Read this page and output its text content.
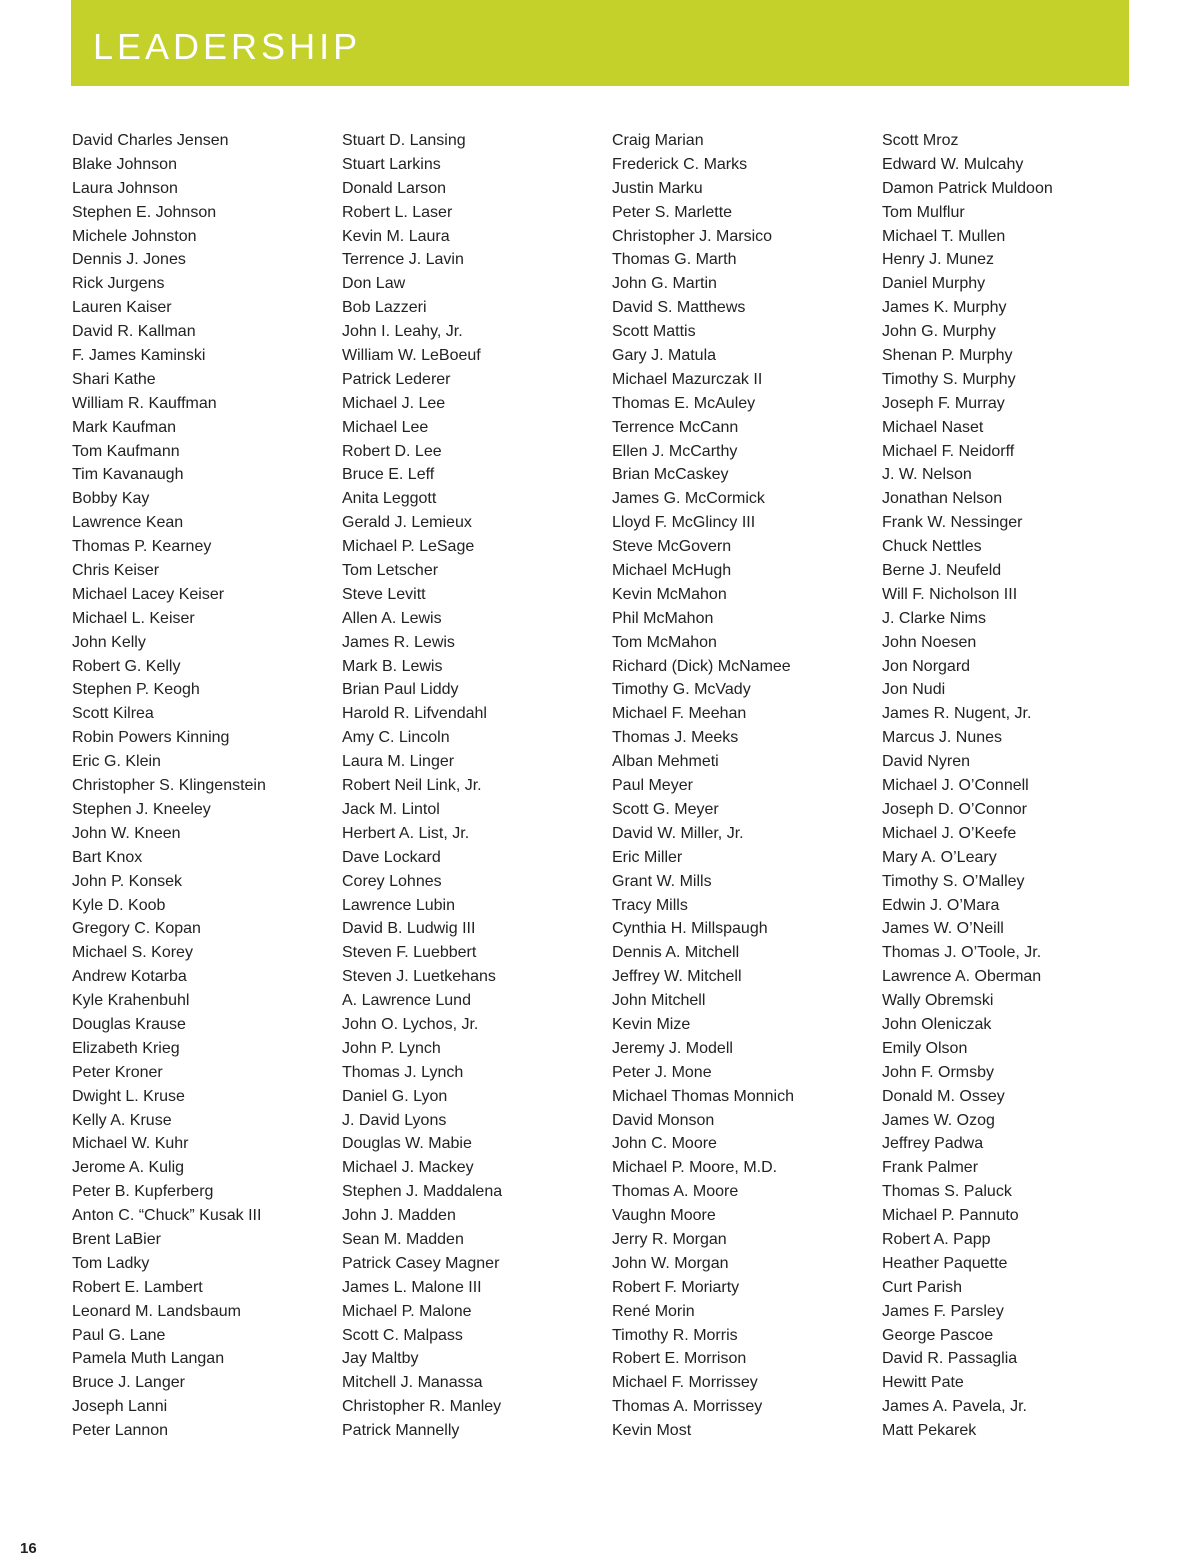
LEADERSHIP
David Charles Jensen
Blake Johnson
Laura Johnson
Stephen E. Johnson
Michele Johnston
Dennis J. Jones
Rick Jurgens
Lauren Kaiser
David R. Kallman
F. James Kaminski
Shari Kathe
William R. Kauffman
Mark Kaufman
Tom Kaufmann
Tim Kavanaugh
Bobby Kay
Lawrence Kean
Thomas P. Kearney
Chris Keiser
Michael Lacey Keiser
Michael L. Keiser
John Kelly
Robert G. Kelly
Stephen P. Keogh
Scott Kilrea
Robin Powers Kinning
Eric G. Klein
Christopher S. Klingenstein
Stephen J. Kneeley
John W. Kneen
Bart Knox
John P. Konsek
Kyle D. Koob
Gregory C. Kopan
Michael S. Korey
Andrew Kotarba
Kyle Krahenbuhl
Douglas Krause
Elizabeth Krieg
Peter Kroner
Dwight L. Kruse
Kelly A. Kruse
Michael W. Kuhr
Jerome A. Kulig
Peter B. Kupferberg
Anton C. “Chuck” Kusak III
Brent LaBier
Tom Ladky
Robert E. Lambert
Leonard M. Landsbaum
Paul G. Lane
Pamela Muth Langan
Bruce J. Langer
Joseph Lanni
Peter Lannon
Stuart D. Lansing
Stuart Larkins
Donald Larson
Robert L. Laser
Kevin M. Laura
Terrence J. Lavin
Don Law
Bob Lazzeri
John I. Leahy, Jr.
William W. LeBoeuf
Patrick Lederer
Michael J. Lee
Michael Lee
Robert D. Lee
Bruce E. Leff
Anita Leggott
Gerald J. Lemieux
Michael P. LeSage
Tom Letscher
Steve Levitt
Allen A. Lewis
James R. Lewis
Mark B. Lewis
Brian Paul Liddy
Harold R. Lifvendahl
Amy C. Lincoln
Laura M. Linger
Robert Neil Link, Jr.
Jack M. Lintol
Herbert A. List, Jr.
Dave Lockard
Corey Lohnes
Lawrence Lubin
David B. Ludwig III
Steven F. Luebbert
Steven J. Luetkehans
A. Lawrence Lund
John O. Lychos, Jr.
John P. Lynch
Thomas J. Lynch
Daniel G. Lyon
J. David Lyons
Douglas W. Mabie
Michael J. Mackey
Stephen J. Maddalena
John J. Madden
Sean M. Madden
Patrick Casey Magner
James L. Malone III
Michael P. Malone
Scott C. Malpass
Jay Maltby
Mitchell J. Manassa
Christopher R. Manley
Patrick Mannelly
Craig Marian
Frederick C. Marks
Justin Marku
Peter S. Marlette
Christopher J. Marsico
Thomas G. Marth
John G. Martin
David S. Matthews
Scott Mattis
Gary J. Matula
Michael Mazurczak II
Thomas E. McAuley
Terrence McCann
Ellen J. McCarthy
Brian McCaskey
James G. McCormick
Lloyd F. McGlincy III
Steve McGovern
Michael McHugh
Kevin McMahon
Phil McMahon
Tom McMahon
Richard (Dick) McNamee
Timothy G. McVady
Michael F. Meehan
Thomas J. Meeks
Alban Mehmeti
Paul Meyer
Scott G. Meyer
David W. Miller, Jr.
Eric Miller
Grant W. Mills
Tracy Mills
Cynthia H. Millspaugh
Dennis A. Mitchell
Jeffrey W. Mitchell
John Mitchell
Kevin Mize
Jeremy J. Modell
Peter J. Mone
Michael Thomas Monnich
David Monson
John C. Moore
Michael P. Moore, M.D.
Thomas A. Moore
Vaughn Moore
Jerry R. Morgan
John W. Morgan
Robert F. Moriarty
René Morin
Timothy R. Morris
Robert E. Morrison
Michael F. Morrissey
Thomas A. Morrissey
Kevin Most
Scott Mroz
Edward W. Mulcahy
Damon Patrick Muldoon
Tom Mulflur
Michael T. Mullen
Henry J. Munez
Daniel Murphy
James K. Murphy
John G. Murphy
Shenan P. Murphy
Timothy S. Murphy
Joseph F. Murray
Michael Naset
Michael F. Neidorff
J. W. Nelson
Jonathan Nelson
Frank W. Nessinger
Chuck Nettles
Berne J. Neufeld
Will F. Nicholson III
J. Clarke Nims
John Noesen
Jon Norgard
Jon Nudi
James R. Nugent, Jr.
Marcus J. Nunes
David Nyren
Michael J. O’Connell
Joseph D. O’Connor
Michael J. O’Keefe
Mary A. O’Leary
Timothy S. O’Malley
Edwin J. O’Mara
James W. O’Neill
Thomas J. O’Toole, Jr.
Lawrence A. Oberman
Wally Obremski
John Oleniczak
Emily Olson
John F. Ormsby
Donald M. Ossey
James W. Ozog
Jeffrey Padwa
Frank Palmer
Thomas S. Paluck
Michael P. Pannuto
Robert A. Papp
Heather Paquette
Curt Parish
James F. Parsley
George Pascoe
David R. Passaglia
Hewitt Pate
James A. Pavela, Jr.
Matt Pekarek
16
